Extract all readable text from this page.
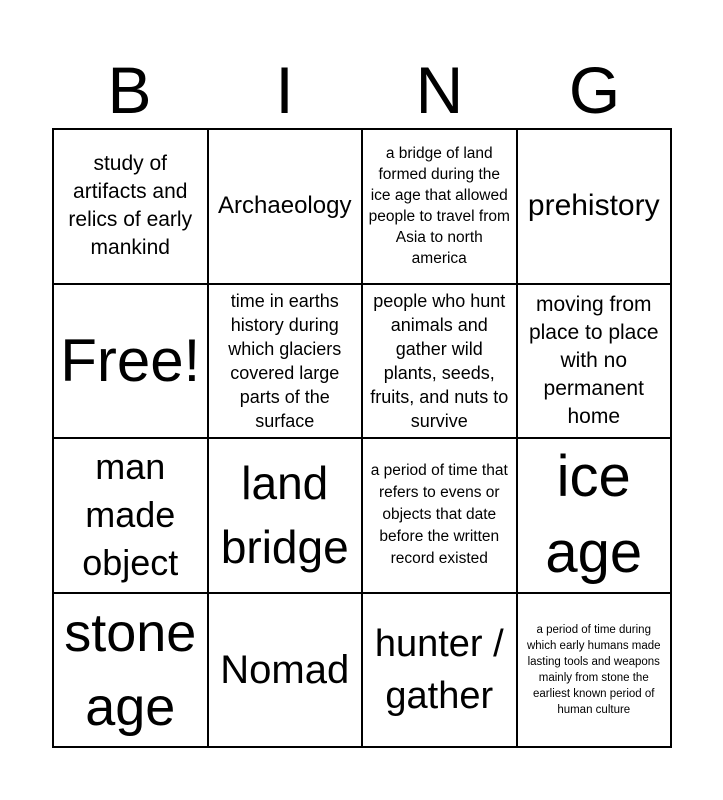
B	I	N	G
study of artifacts and relics of early mankind
Archaeology
a bridge of land formed during the ice age that allowed people to travel from Asia to north america
prehistory
Free!
time in earths history during which glaciers covered large parts of the surface
people who hunt animals and gather wild plants, seeds, fruits, and nuts to survive
moving from place to place with no permanent home
man made object
land bridge
a period of time that refers to evens or objects that date before the written record existed
ice age
stone age
Nomad
hunter / gather
a period of time during which early humans made lasting tools and weapons mainly from stone the earliest known period of human culture
